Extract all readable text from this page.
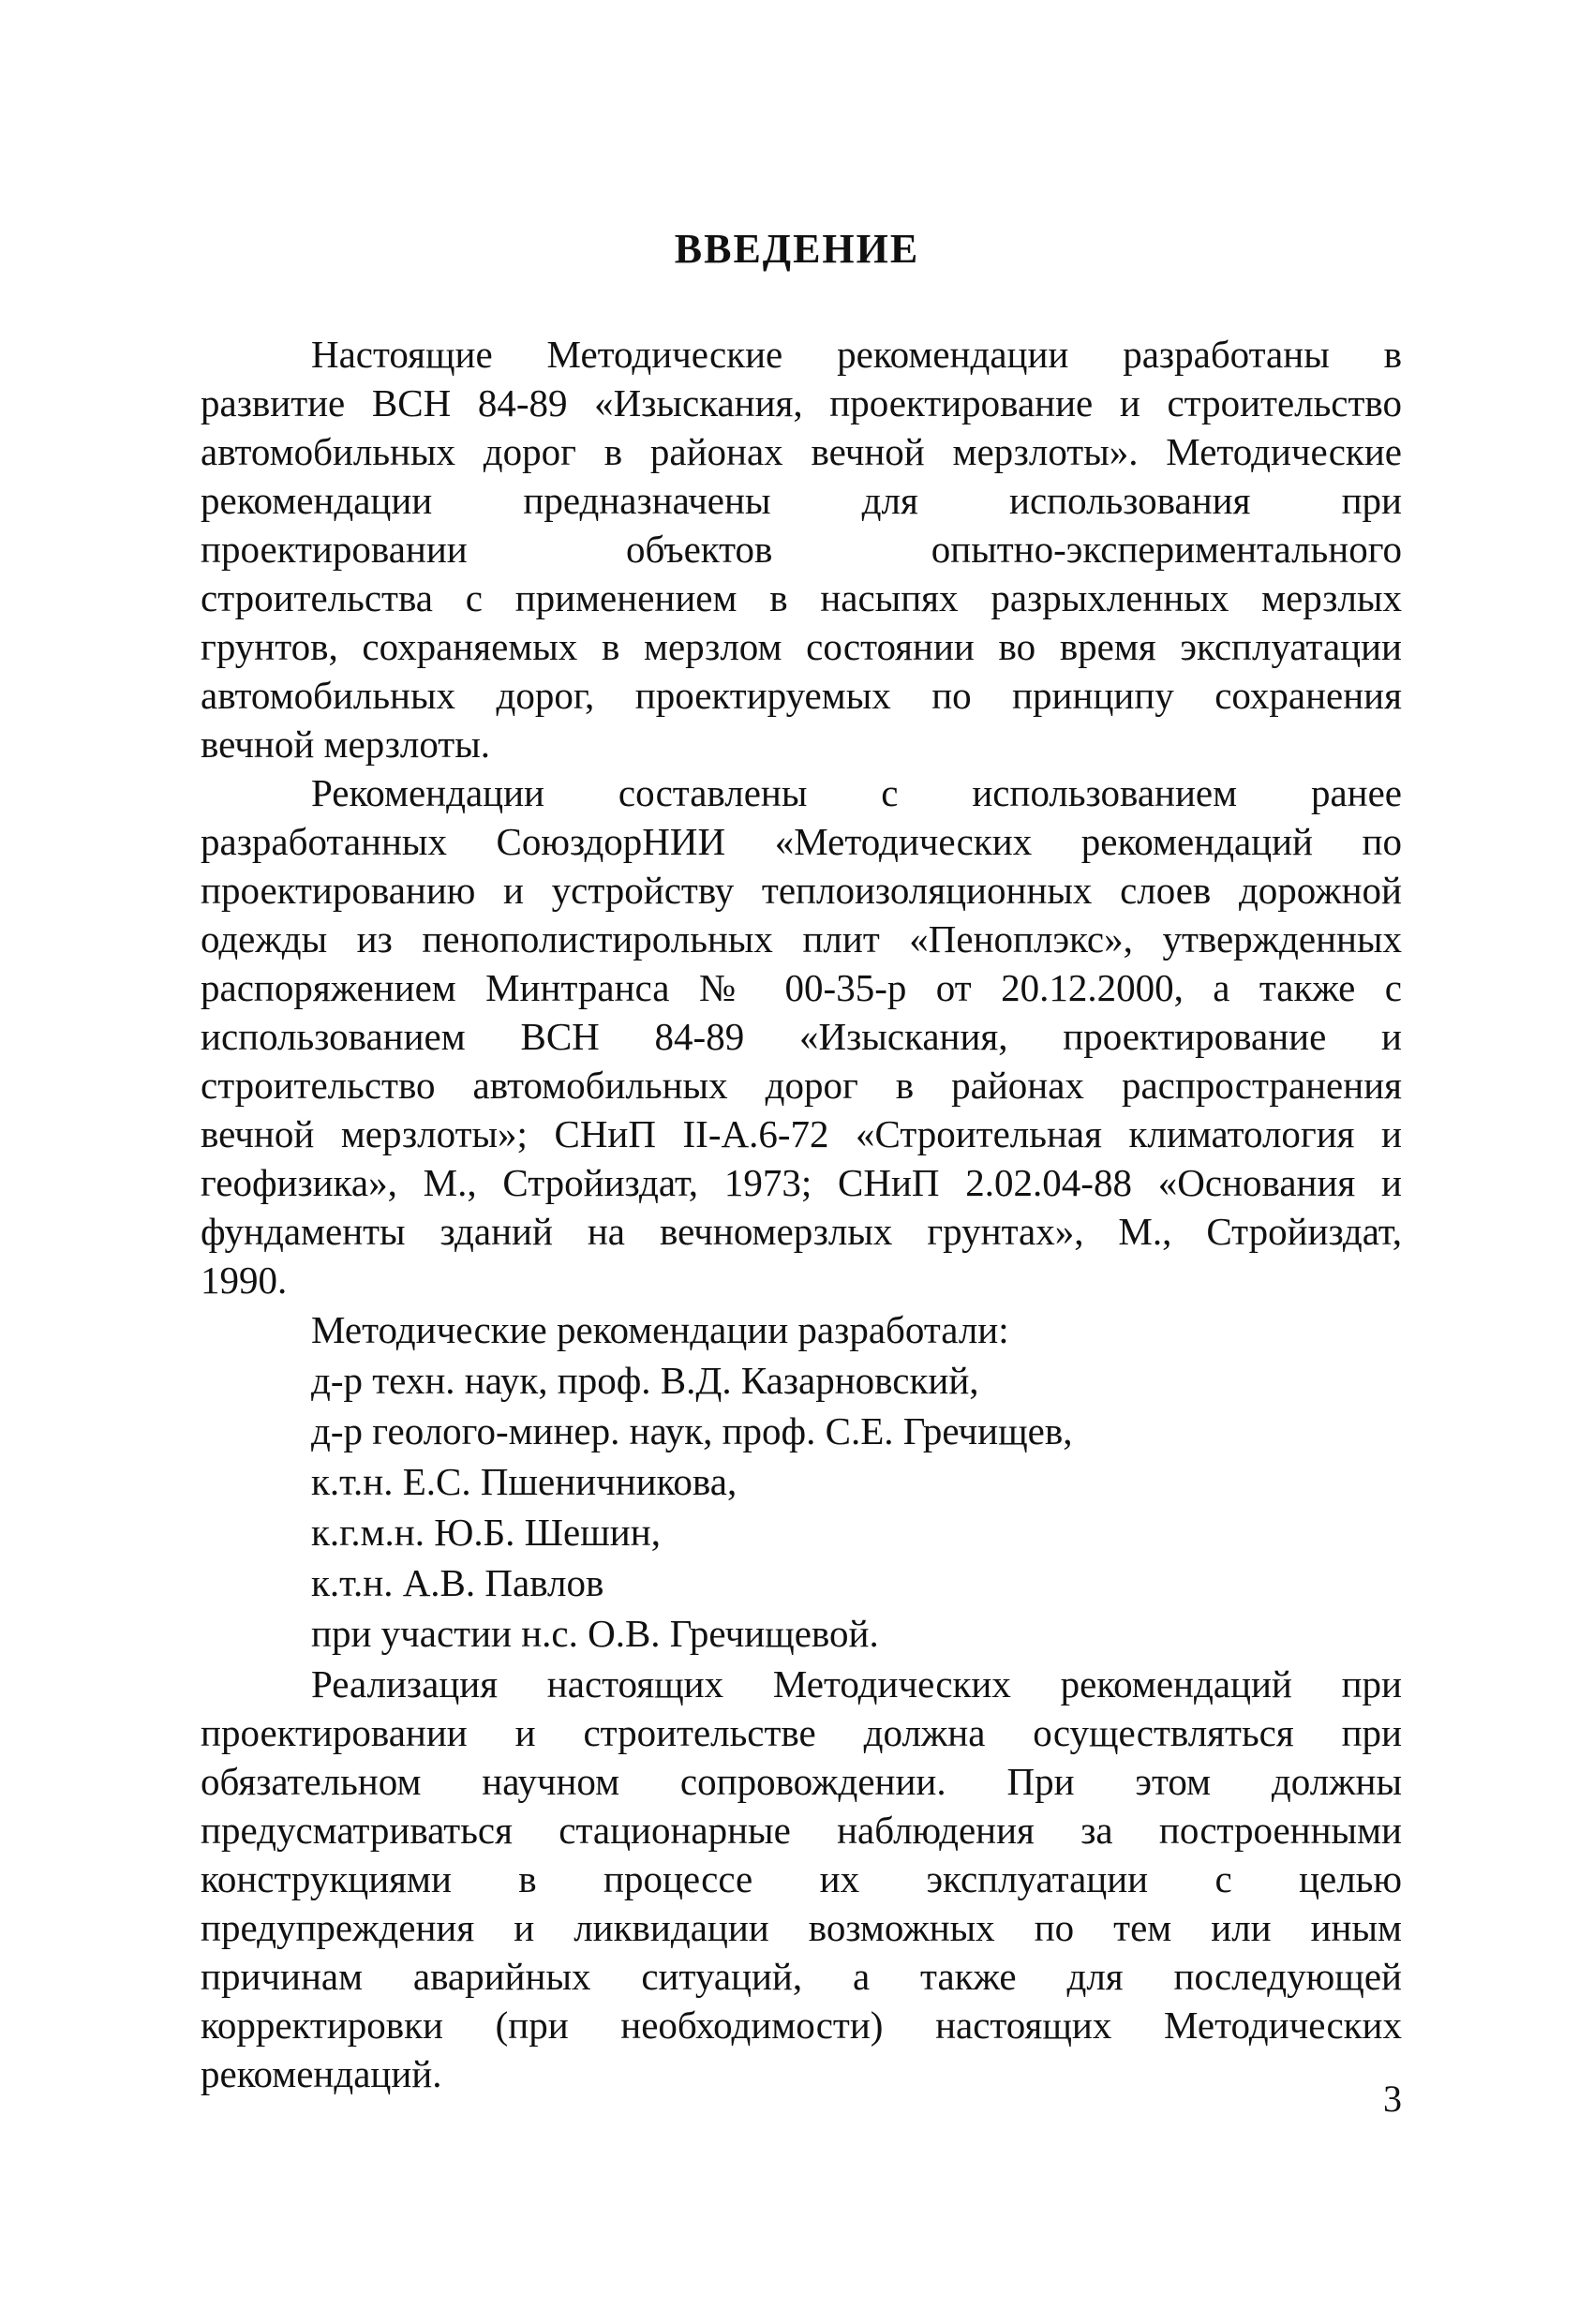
ВВЕДЕНИЕ
Настоящие Методические рекомендации разработаны в
развитие ВСН 84-89 «Изыскания, проектирование и строительство
автомобильных дорог в районах вечной мерзлоты». Методические
рекомендации предназначены для использования при
проектировании объектов опытно-экспериментального
строительства с применением в насыпях разрыхленных мерзлых
грунтов, сохраняемых в мерзлом состоянии во время эксплуатации
автомобильных дорог, проектируемых по принципу сохранения
вечной мерзлоты.
Рекомендации составлены с использованием ранее
разработанных СоюздорНИИ «Методических рекомендаций по
проектированию и устройству теплоизоляционных слоев дорожной
одежды из пенополистирольных плит «Пеноплэкс», утвержденных
распоряжением Минтранса № 00-35-р от 20.12.2000, а также с
использованием ВСН 84-89 «Изыскания, проектирование и
строительство автомобильных дорог в районах распространения
вечной мерзлоты»; СНиП II-А.6-72 «Строительная климатология и
геофизика», М., Стройиздат, 1973; СНиП 2.02.04-88 «Основания и
фундаменты зданий на вечномерзлых грунтах», М., Стройиздат,
1990.
Методические рекомендации разработали:
д-р техн. наук, проф. В.Д. Казарновский,
д-р геолого-минер. наук, проф. С.Е. Гречищев,
к.т.н. Е.С. Пшеничникова,
к.г.м.н. Ю.Б. Шешин,
к.т.н. А.В. Павлов
при участии н.с. О.В. Гречищевой.
Реализация настоящих Методических рекомендаций при
проектировании и строительстве должна осуществляться при
обязательном научном сопровождении. При этом должны
предусматриваться стационарные наблюдения за построенными
конструкциями в процессе их эксплуатации с целью
предупреждения и ликвидации возможных по тем или иным
причинам аварийных ситуаций, а также для последующей
корректировки (при необходимости) настоящих Методических
рекомендаций.
3
